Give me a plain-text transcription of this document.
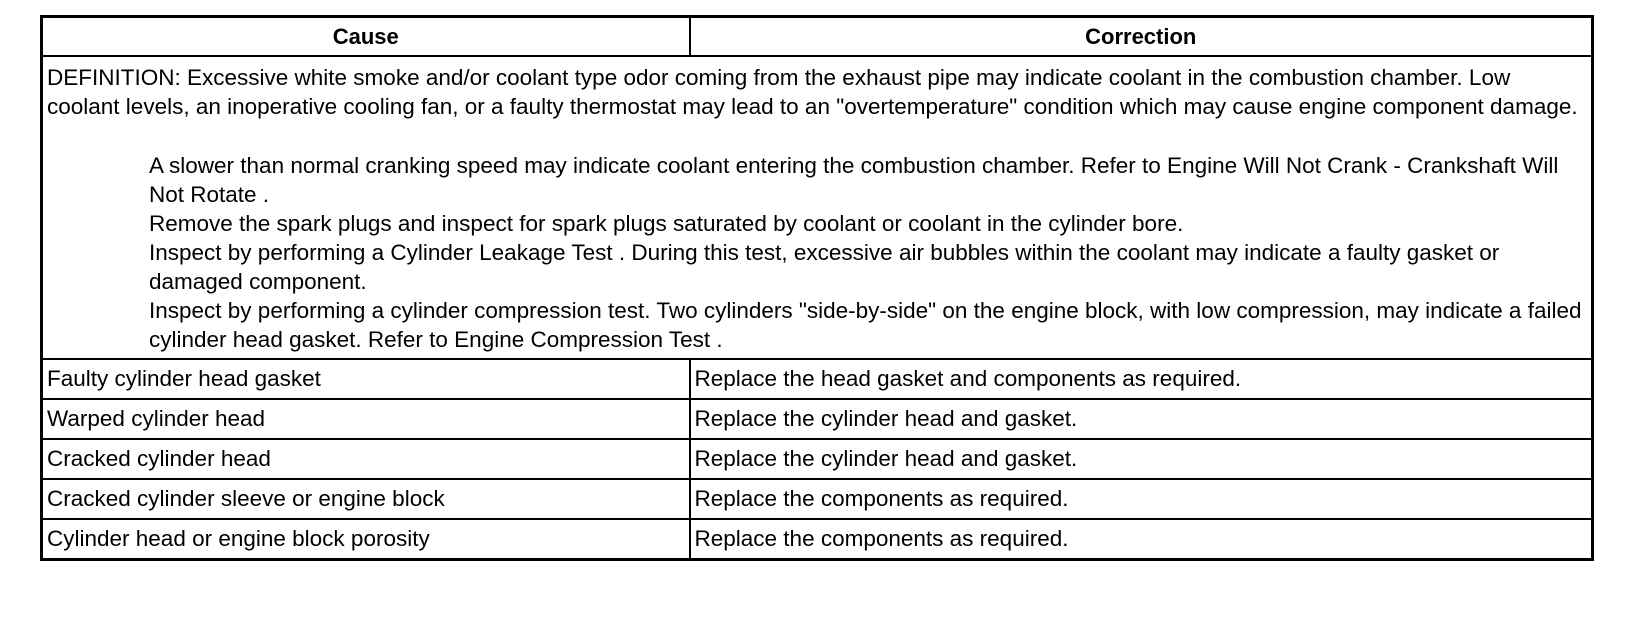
Cause	Correction

DEFINITION: Excessive white smoke and/or coolant type odor coming from the exhaust pipe may indicate coolant in the combustion chamber. Low coolant levels, an inoperative cooling fan, or a faulty thermostat may lead to an "overtemperature" condition which may cause engine component damage.

A slower than normal cranking speed may indicate coolant entering the combustion chamber. Refer to Engine Will Not Crank - Crankshaft Will Not Rotate .

Remove the spark plugs and inspect for spark plugs saturated by coolant or coolant in the cylinder bore.

Inspect by performing a Cylinder Leakage Test . During this test, excessive air bubbles within the coolant may indicate a faulty gasket or damaged component.

Inspect by performing a cylinder compression test. Two cylinders "side-by-side" on the engine block, with low compression, may indicate a failed cylinder head gasket. Refer to Engine Compression Test .	

Faulty cylinder head gasket	Replace the head gasket and components as required.
Warped cylinder head	Replace the cylinder head and gasket.
Cracked cylinder head	Replace the cylinder head and gasket.
Cracked cylinder sleeve or engine block	Replace the components as required.
Cylinder head or engine block porosity	Replace the components as required.
